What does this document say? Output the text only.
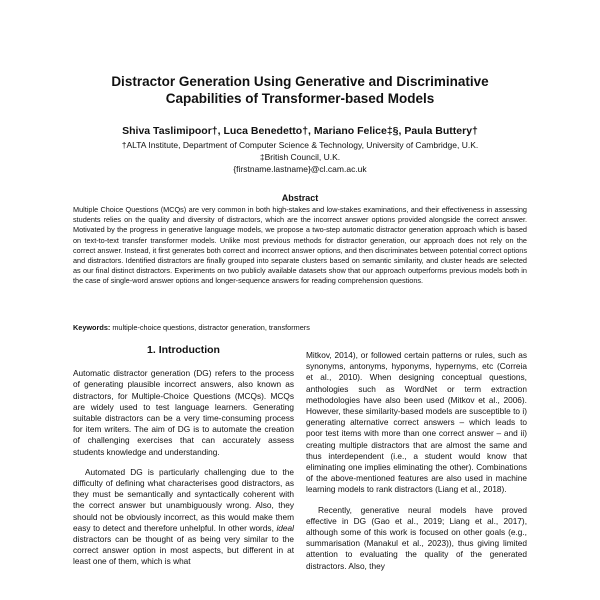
Distractor Generation Using Generative and Discriminative
Capabilities of Transformer-based Models

Shiva Taslimipoor†, Luca Benedetto†, Mariano Felice‡§, Paula Buttery†

†ALTA Institute, Department of Computer Science & Technology, University of Cambridge, U.K.

‡British Council, U.K.

{firstname.lastname}@cl.cam.ac.uk

Abstract

Multiple Choice Questions (MCQs) are very common in both high-stakes and low-stakes examinations, and their effectiveness in assessing students relies on the quality and diversity of distractors, which are the incorrect answer options provided alongside the correct answer. Motivated by the progress in generative language models, we propose a two-step automatic distractor generation approach which is based on text-to-text transfer transformer models. Unlike most previous methods for distractor generation, our approach does not rely on the correct answer. Instead, it first generates both correct and incorrect answer options, and then discriminates between potential correct options and distractors. Identified distractors are finally grouped into separate clusters based on semantic similarity, and cluster heads are selected as our final distinct distractors. Experiments on two publicly available datasets show that our approach outperforms previous models both in the case of single-word answer options and longer-sequence answers for reading comprehension questions.

Keywords: multiple-choice questions, distractor generation, transformers

1. Introduction

Automatic distractor generation (DG) refers to the process of generating plausible incorrect answers, also known as distractors, for Multiple-Choice Questions (MCQs). MCQs are widely used to test language learners. Generating suitable distractors can be a very time-consuming process for item writers. The aim of DG is to automate the creation of challenging exercises that can accurately assess students knowledge and understanding.

Automated DG is particularly challenging due to the difficulty of defining what characterises good distractors, as they must be semantically and syntactically coherent with the correct answer but unambiguously wrong. Also, they should not be obviously incorrect, as this would make them easy to detect and therefore unhelpful. In other words, ideal distractors can be thought of as being very similar to the correct answer option in most aspects, but different in at least one of them, which is what

Mitkov, 2014), or followed certain patterns or rules, such as synonyms, antonyms, hyponyms, hypernyms, etc (Correia et al., 2010). When designing conceptual questions, anthologies such as WordNet or term extraction methodologies have also been used (Mitkov et al., 2006). However, these similarity-based models are susceptible to i) generating alternative correct answers – which leads to poor test items with more than one correct answer – and ii) creating multiple distractors that are almost the same and thus interdependent (i.e., a student would know that eliminating one implies eliminating the other). Combinations of the above-mentioned features are also used in machine learning models to rank distractors (Liang et al., 2018).

Recently, generative neural models have proved effective in DG (Gao et al., 2019; Liang et al., 2017), although some of this work is focused on other goals (e.g., summarisation (Manakul et al., 2023)), thus giving limited attention to evaluating the quality of the generated distractors. Also, they
